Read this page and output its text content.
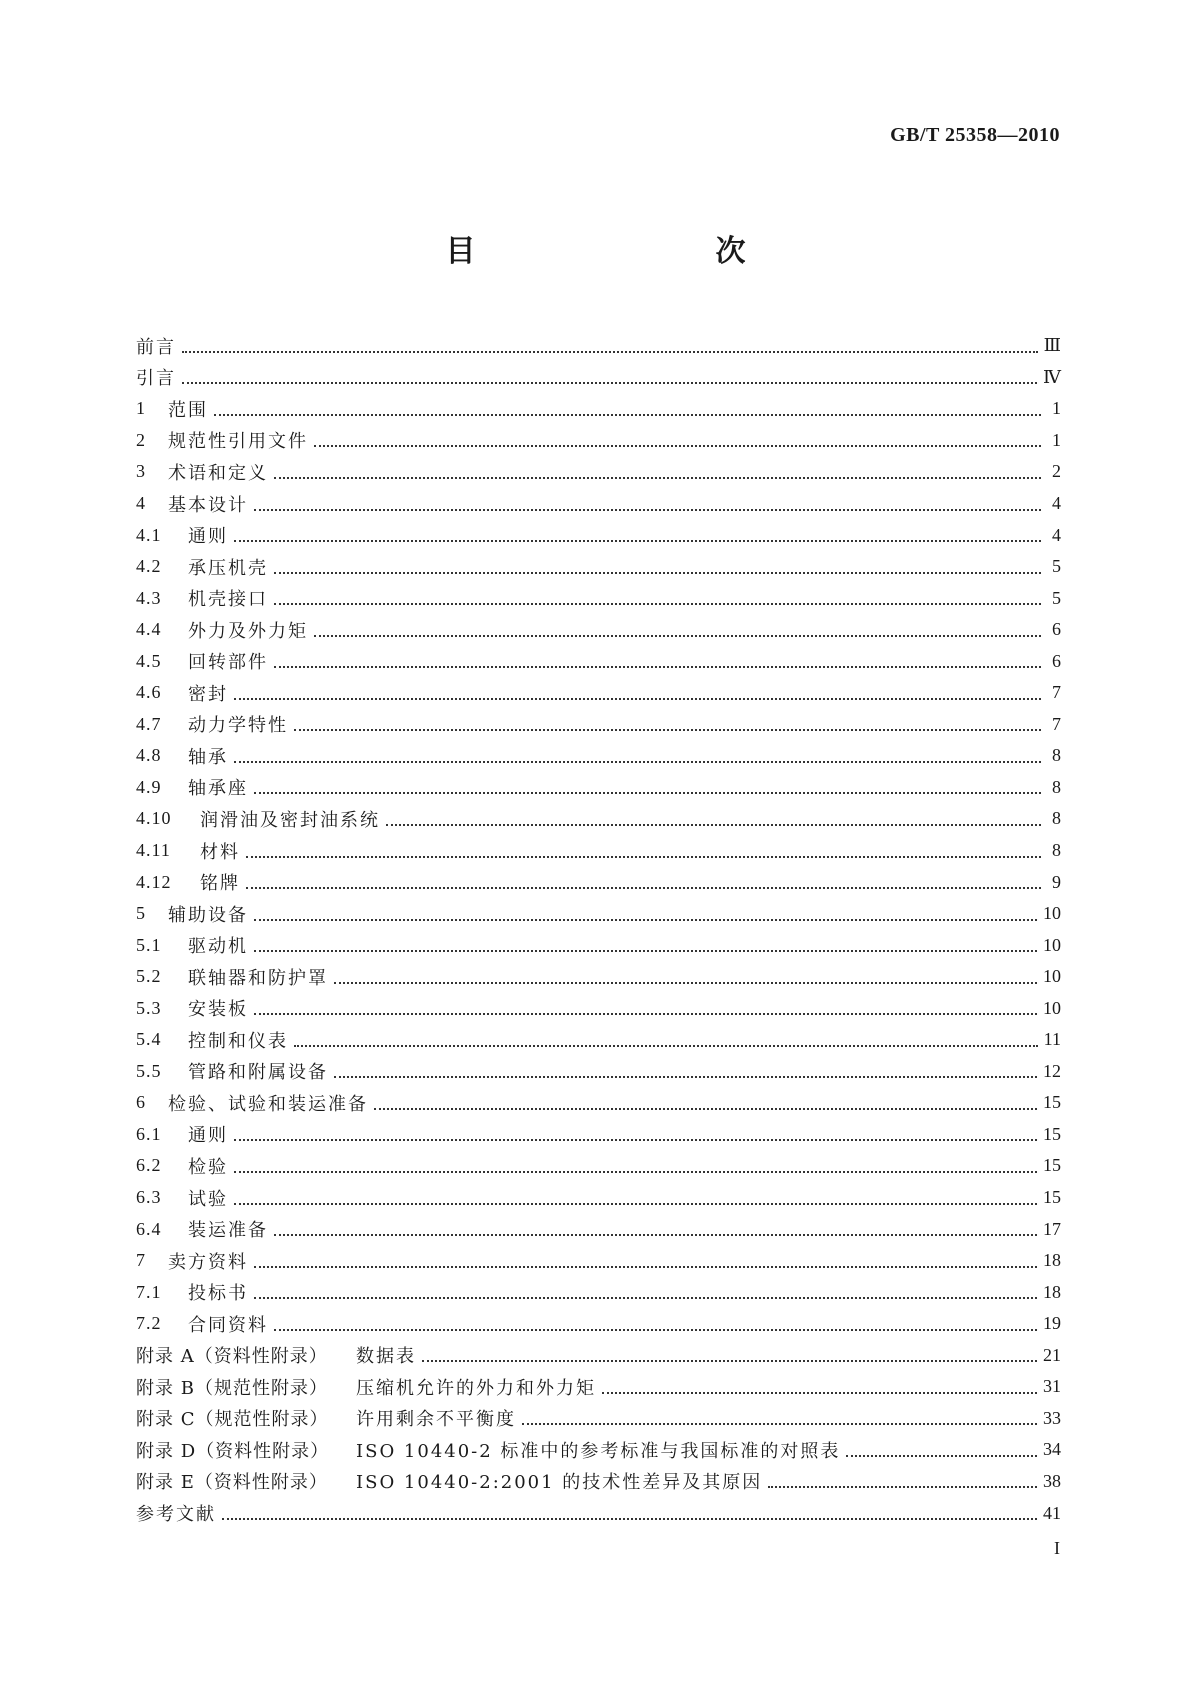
GB/T 25358—2010
目　　次
前言	Ⅲ
引言	Ⅳ
1	范围	1
2	规范性引用文件	1
3	术语和定义	2
4	基本设计	4
4.1	通则	4
4.2	承压机壳	5
4.3	机壳接口	5
4.4	外力及外力矩	6
4.5	回转部件	6
4.6	密封	7
4.7	动力学特性	7
4.8	轴承	8
4.9	轴承座	8
4.10	润滑油及密封油系统	8
4.11	材料	8
4.12	铭牌	9
5	辅助设备	10
5.1	驱动机	10
5.2	联轴器和防护罩	10
5.3	安装板	10
5.4	控制和仪表	11
5.5	管路和附属设备	12
6	检验、试验和装运准备	15
6.1	通则	15
6.2	检验	15
6.3	试验	15
6.4	装运准备	17
7	卖方资料	18
7.1	投标书	18
7.2	合同资料	19
附录 A（资料性附录）	数据表	21
附录 B（规范性附录）	压缩机允许的外力和外力矩	31
附录 C（规范性附录）	许用剩余不平衡度	33
附录 D（资料性附录）	ISO 10440-2 标准中的参考标准与我国标准的对照表	34
附录 E（资料性附录）	ISO 10440-2:2001 的技术性差异及其原因	38
参考文献	41
I
